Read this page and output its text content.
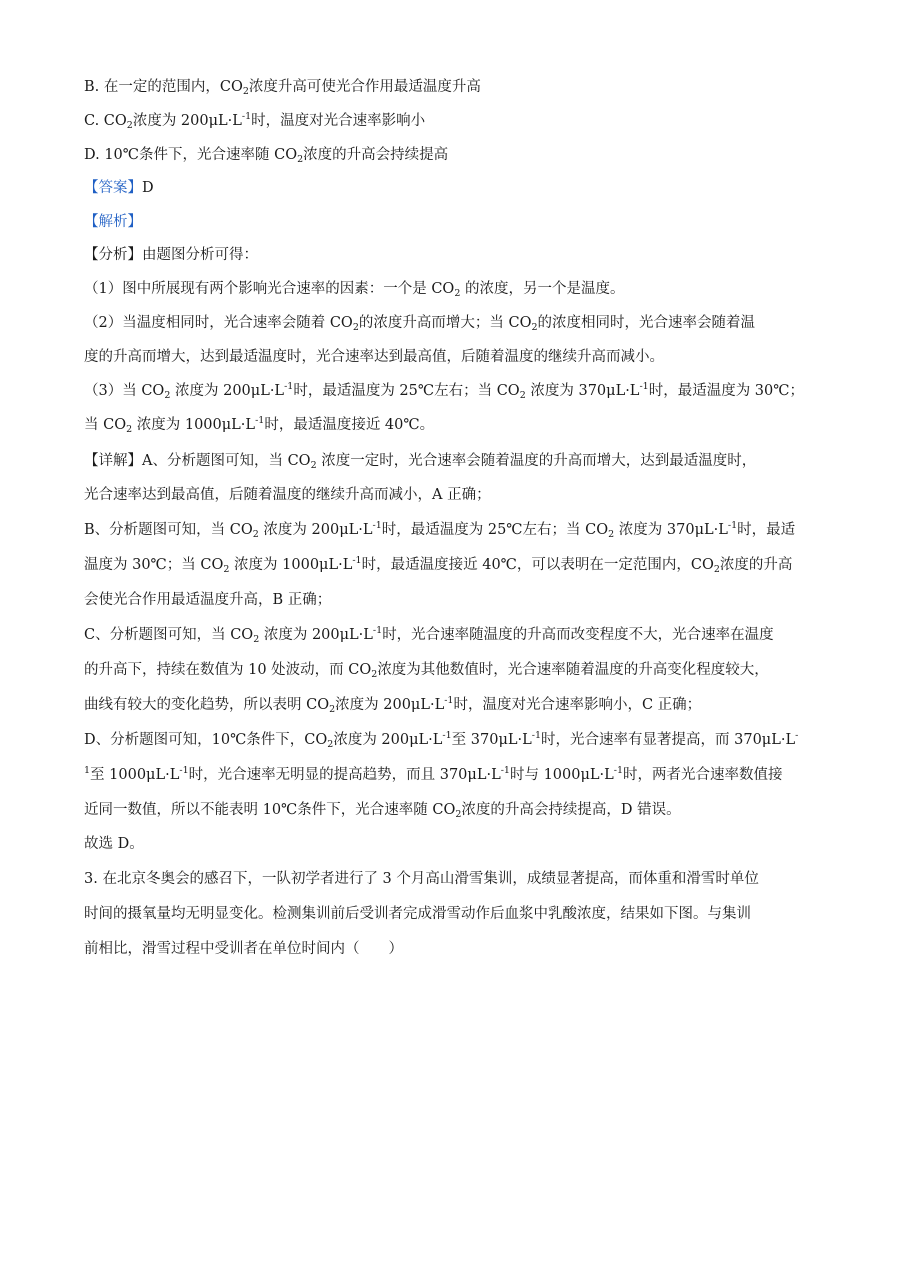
B. 在一定的范围内，$CO_2$浓度升高可使光合作用最适温度升高
C. $CO_2$浓度为 $200\mu L\cdot L^{-1}$时，温度对光合速率影响小
D. 10℃条件下，光合速率随 $CO_2$浓度的升高会持续提高
【答案】D
【解析】
【分析】由题图分析可得：
（1）图中所展现有两个影响光合速率的因素：一个是 $CO_2$ 的浓度，另一个是温度。
（2）当温度相同时，光合速率会随着 $CO_2$的浓度升高而增大；当 $CO_2$的浓度相同时，光合速率会随着温
度的升高而增大，达到最适温度时，光合速率达到最高值，后随着温度的继续升高而减小。
（3）当 $CO_2$ 浓度为 $200\mu L\cdot L^{-1}$时，最适温度为 25℃左右；当 $CO_2$ 浓度为 $370\mu L\cdot L^{-1}$时，最适温度为 30℃；
当 $CO_2$ 浓度为 $1000\mu L\cdot L^{-1}$时，最适温度接近 40℃。
【详解】A、分析题图可知，当 $CO_2$ 浓度一定时，光合速率会随着温度的升高而增大，达到最适温度时，
光合速率达到最高值，后随着温度的继续升高而减小，A 正确；
B、分析题图可知，当 $CO_2$ 浓度为 $200\mu L\cdot L^{-1}$时，最适温度为 25℃左右；当 $CO_2$ 浓度为 $370\mu L\cdot L^{-1}$时，最适
温度为 30℃；当 $CO_2$ 浓度为 $1000\mu L\cdot L^{-1}$时，最适温度接近 40℃，可以表明在一定范围内，$CO_2$浓度的升高
会使光合作用最适温度升高，B 正确；
C、分析题图可知，当 $CO_2$ 浓度为 $200\mu L\cdot L^{-1}$时，光合速率随温度的升高而改变程度不大，光合速率在温度
的升高下，持续在数值为 10 处波动，而 $CO_2$浓度为其他数值时，光合速率随着温度的升高变化程度较大，
曲线有较大的变化趋势，所以表明 $CO_2$浓度为 $200\mu L\cdot L^{-1}$时，温度对光合速率影响小，C 正确；
D、分析题图可知，10℃条件下，$CO_2$浓度为 $200\mu L\cdot L^{-1}$至 $370\mu L\cdot L^{-1}$时，光合速率有显著提高，而 370μL·L-
$^1$至 $1000\mu L\cdot L^{-1}$时，光合速率无明显的提高趋势，而且 $370\mu L\cdot L^{-1}$时与 $1000\mu L\cdot L^{-1}$时，两者光合速率数值接
近同一数值，所以不能表明 10℃条件下，光合速率随 $CO_2$浓度的升高会持续提高，D 错误。
故选 D。
3. 在北京冬奥会的感召下，一队初学者进行了 3 个月高山滑雪集训，成绩显著提高，而体重和滑雪时单位
时间的摄氧量均无明显变化。检测集训前后受训者完成滑雪动作后血浆中乳酸浓度，结果如下图。与集训
前相比，滑雪过程中受训者在单位时间内（　　）
